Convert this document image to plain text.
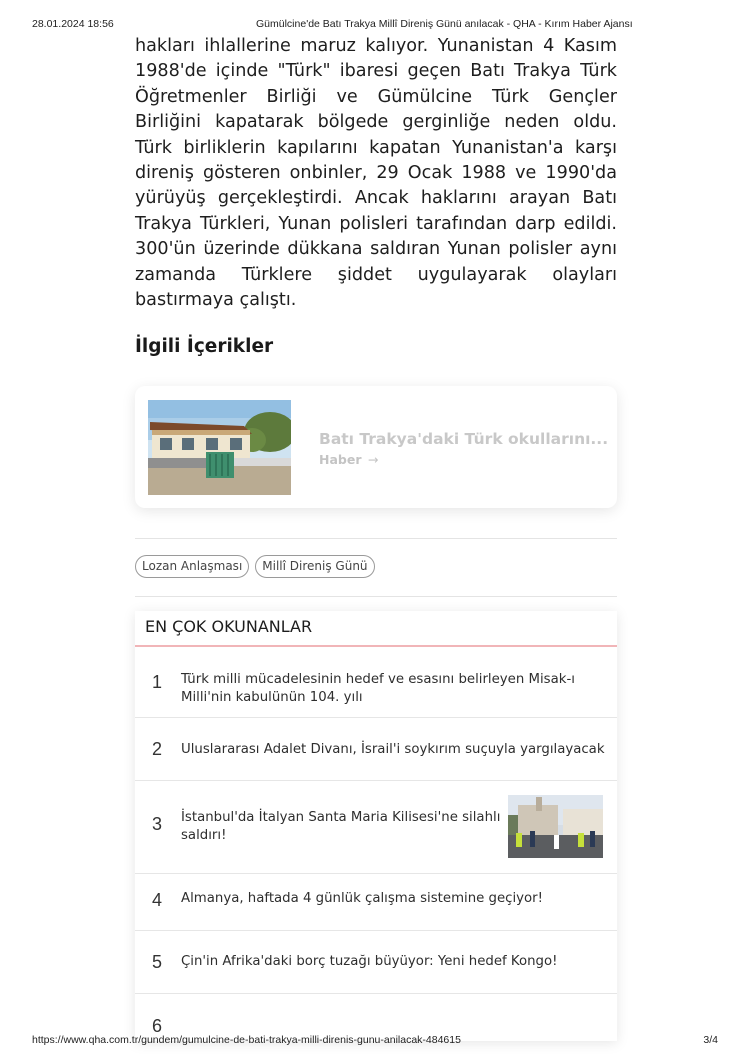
28.01.2024 18:56	Gümülcine'de Batı Trakya Millî Direniş Günü anılacak - QHA - Kırım Haber Ajansı

hakları ihlallerine maruz kalıyor. Yunanistan 4 Kasım 1988'de içinde "Türk" ibaresi geçen Batı Trakya Türk Öğretmenler Birliği ve Gümülcine Türk Gençler Birliğini kapatarak bölgede gerginliğe neden oldu. Türk birliklerin kapılarını kapatan Yunanistan'a karşı direniş gösteren onbinler, 29 Ocak 1988 ve 1990'da yürüyüş gerçekleştirdi. Ancak haklarını arayan Batı Trakya Türkleri, Yunan polisleri tarafından darp edildi. 300'ün üzerinde dükkana saldıran Yunan polisler aynı zamanda Türklere şiddet uygulayarak olayları bastırmaya çalıştı.

İlgili İçerikler
Batı Trakya'daki Türk okullarını...
Haber →
Lozan Anlaşması	Millî Direniş Günü
EN ÇOK OKUNANLAR
1	Türk milli mücadelesinin hedef ve esasını belirleyen Misak-ı Milli'nin kabulünün 104. yılı
2	Uluslararası Adalet Divanı, İsrail'i soykırım suçuyla yargılayacak
3	İstanbul'da İtalyan Santa Maria Kilisesi'ne silahlı saldırı!
4	Almanya, haftada 4 günlük çalışma sistemine geçiyor!
5	Çin'in Afrika'daki borç tuzağı büyüyor: Yeni hedef Kongo!
6
https://www.qha.com.tr/gundem/gumulcine-de-bati-trakya-milli-direnis-gunu-anilacak-484615	3/4
